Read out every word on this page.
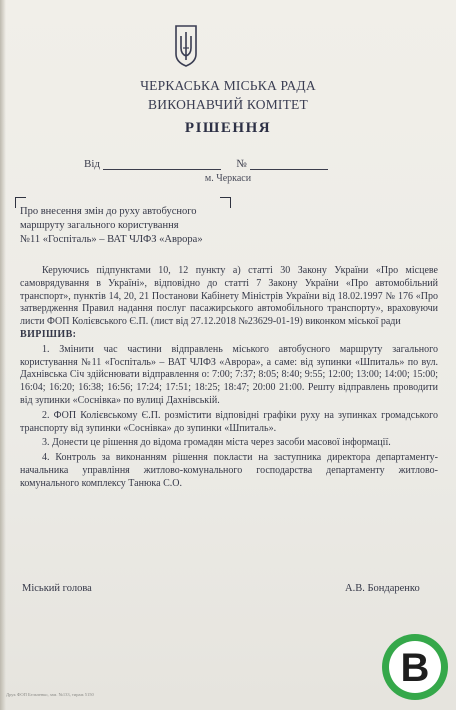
ЧЕРКАСЬКА МІСЬКА РАДА
ВИКОНАВЧИЙ КОМІТЕТ
РІШЕННЯ
Від	№
м. Черкаси
Про внесення змін до руху автобусного
маршруту загального користування
№11 «Госпіталь» – ВАТ ЧЛФЗ «Аврора»

Керуючись підпунктами 10, 12 пункту а) статті 30 Закону України «Про місцеве самоврядування в Україні», відповідно до статті 7 Закону України «Про автомобільний транспорт», пунктів 14, 20, 21 Постанови Кабінету Міністрів України від 18.02.1997 № 176 «Про затвердження Правил надання послуг пасажирського автомобільного транспорту», враховуючи листи ФОП Колієвського Є.П. (лист від 27.12.2018 №23629-01-19) виконком міської ради

ВИРІШИВ:

1. Змінити час частини відправлень міського автобусного маршруту загального користування №11 «Госпіталь» – ВАТ ЧЛФЗ «Аврора», а саме: від зупинки «Шпиталь» по вул. Дахнівська Січ здійснювати відправлення о: 7:00; 7:37; 8:05; 8:40; 9:55; 12:00; 13:00; 14:00; 15:00; 16:04; 16:20; 16:38; 16:56; 17:24; 17:51; 18:25; 18:47; 20:00 21:00. Решту відправлень проводити від зупинки «Соснівка» по вулиці Дахнівській.

2. ФОП Колієвському Є.П. розмістити відповідні графіки руху на зупинках громадського транспорту від зупинки «Соснівка» до зупинки «Шпиталь».

3. Донести це рішення до відома громадян міста через засоби масової інформації.

4. Контроль за виконанням рішення покласти на заступника директора департаменту-начальника управління житлово-комунального господарства департаменту житлово-комунального комплексу Танюка С.О.

Міський голова	А.В. Бондаренко
Друк ФОП Бельченко, зам. №133, тираж 5150
В
